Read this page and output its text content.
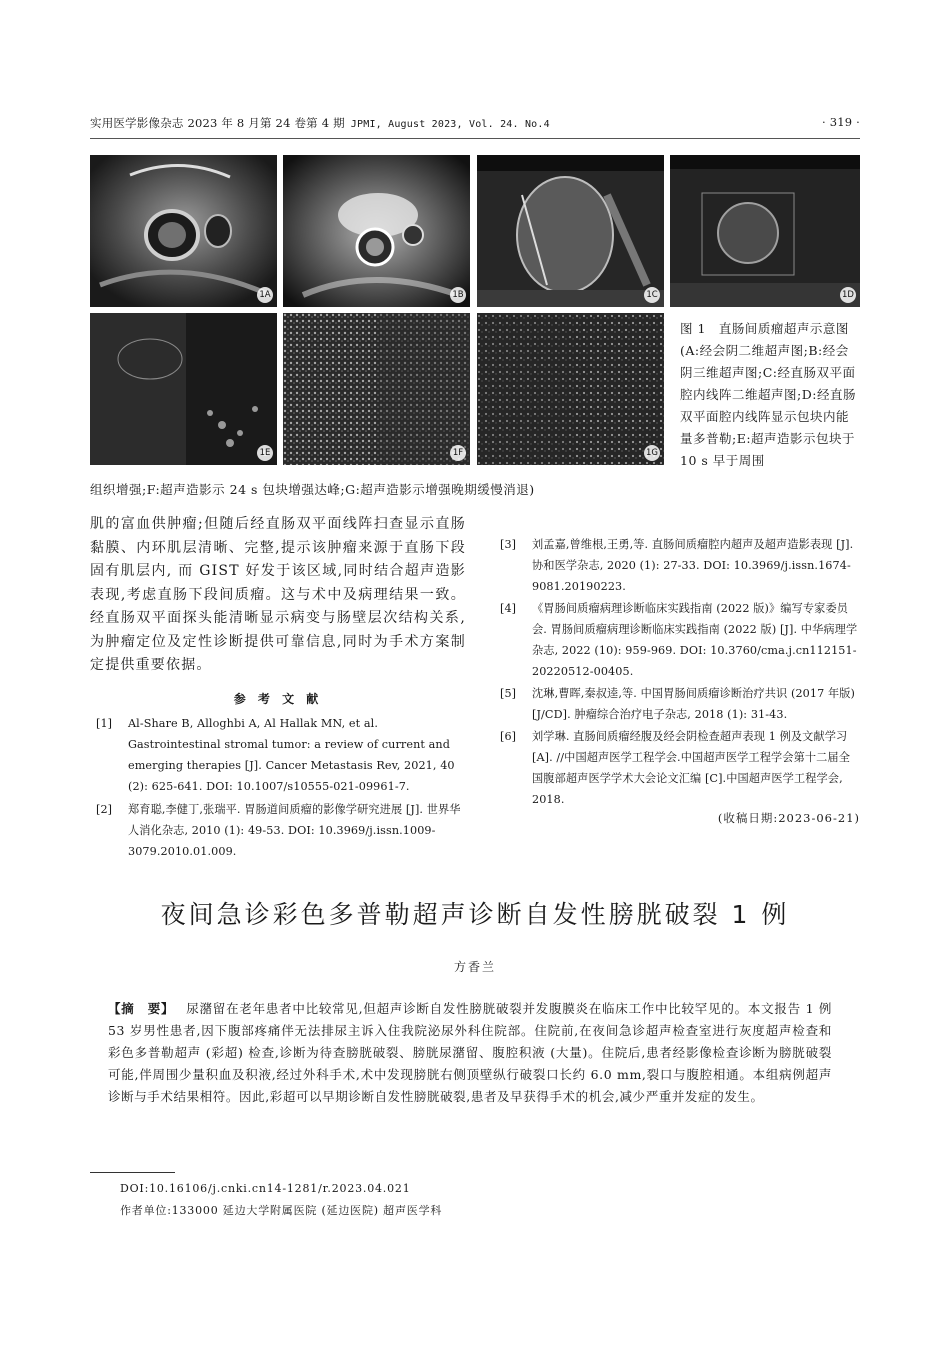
实用医学影像杂志 2023 年 8 月第 24 卷第 4 期 JPMI, August 2023, Vol. 24. No.4	· 319 ·
1A	1B	1C	1D
1E	1F	1G
图 1　直肠间质瘤超声示意图 (A:经会阴二维超声图;B:经会阴三维超声图;C:经直肠双平面腔内线阵二维超声图;D:经直肠双平面腔内线阵显示包块内能量多普勒;E:超声造影示包块于 10 s 早于周围
组织增强;F:超声造影示 24 s 包块增强达峰;G:超声造影示增强晚期缓慢消退)
肌的富血供肿瘤;但随后经直肠双平面线阵扫查显示直肠黏膜、内环肌层清晰、完整,提示该肿瘤来源于直肠下段固有肌层内, 而 GIST 好发于该区域,同时结合超声造影表现,考虑直肠下段间质瘤。这与术中及病理结果一致。经直肠双平面探头能清晰显示病变与肠壁层次结构关系, 为肿瘤定位及定性诊断提供可靠信息,同时为手术方案制定提供重要依据。
参 考 文 献
[1]	Al-Share B, Alloghbi A, Al Hallak MN, et al. Gastrointestinal stromal tumor: a review of current and emerging therapies [J]. Cancer Metastasis Rev, 2021, 40 (2): 625-641. DOI: 10.1007/s10555-021-09961-7.
[2]	郑育聪,李健丁,张瑞平. 胃肠道间质瘤的影像学研究进展 [J]. 世界华人消化杂志, 2010 (1): 49-53. DOI: 10.3969/j.issn.1009-3079.2010.01.009.
[3]	刘孟嘉,曾维根,王勇,等. 直肠间质瘤腔内超声及超声造影表现 [J]. 协和医学杂志, 2020 (1): 27-33. DOI: 10.3969/j.issn.1674-9081.20190223.
[4]	《胃肠间质瘤病理诊断临床实践指南 (2022 版)》编写专家委员会. 胃肠间质瘤病理诊断临床实践指南 (2022 版) [J]. 中华病理学杂志, 2022 (10): 959-969. DOI: 10.3760/cma.j.cn112151-20220512-00405.
[5]	沈琳,曹晖,秦叔逵,等. 中国胃肠间质瘤诊断治疗共识 (2017 年版) [J/CD]. 肿瘤综合治疗电子杂志, 2018 (1): 31-43.
[6]	刘学琳. 直肠间质瘤经腹及经会阴检查超声表现 1 例及文献学习 [A]. //中国超声医学工程学会.中国超声医学工程学会第十二届全国腹部超声医学学术大会论文汇编 [C].中国超声医学工程学会, 2018.
(收稿日期:2023-06-21)
夜间急诊彩色多普勒超声诊断自发性膀胱破裂 1 例
方香兰
【摘　要】 尿潴留在老年患者中比较常见,但超声诊断自发性膀胱破裂并发腹膜炎在临床工作中比较罕见的。本文报告 1 例 53 岁男性患者,因下腹部疼痛伴无法排尿主诉入住我院泌尿外科住院部。住院前,在夜间急诊超声检查室进行灰度超声检查和彩色多普勒超声 (彩超) 检查,诊断为待查膀胱破裂、膀胱尿潴留、腹腔积液 (大量)。住院后,患者经影像检查诊断为膀胱破裂可能,伴周围少量积血及积液,经过外科手术,术中发现膀胱右侧顶壁纵行破裂口长约 6.0 mm,裂口与腹腔相通。本组病例超声诊断与手术结果相符。因此,彩超可以早期诊断自发性膀胱破裂,患者及早获得手术的机会,减少严重并发症的发生。
DOI:10.16106/j.cnki.cn14-1281/r.2023.04.021
作者单位:133000 延边大学附属医院 (延边医院) 超声医学科
